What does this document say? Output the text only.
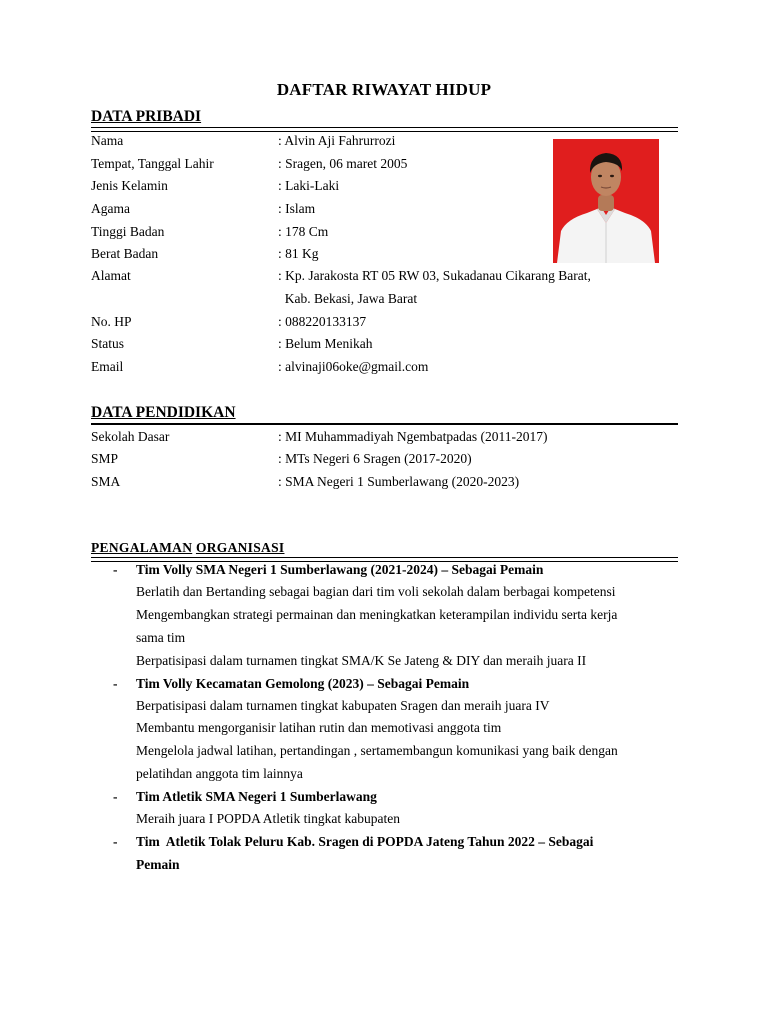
DAFTAR RIWAYAT HIDUP
DATA PRIBADI
Nama	: Alvin Aji Fahrurrozi
Tempat, Tanggal Lahir	: Sragen, 06 maret 2005
Jenis Kelamin	: Laki-Laki
Agama	: Islam
Tinggi Badan	: 178 Cm
Berat Badan	: 81 Kg
Alamat	: Kp. Jarakosta RT 05 RW 03, Sukadanau Cikarang Barat,
Kab. Bekasi, Jawa Barat
No. HP	: 088220133137
Status	: Belum Menikah
Email	: alvinaji06oke@gmail.com
DATA PENDIDIKAN
Sekolah Dasar	: MI Muhammadiyah Ngembatpadas (2011-2017)
SMP	: MTs Negeri 6 Sragen (2017-2020)
SMA	: SMA Negeri 1 Sumberlawang (2020-2023)
PENGALAMAN ORGANISASI
- Tim Volly SMA Negeri 1 Sumberlawang (2021-2024) – Sebagai Pemain
Berlatih dan Bertanding sebagai bagian dari tim voli sekolah dalam berbagai kompetensi
Mengembangkan strategi permainan dan meningkatkan keterampilan individu serta kerja
sama tim
Berpatisipasi dalam turnamen tingkat SMA/K Se Jateng & DIY dan meraih juara II
- Tim Volly Kecamatan Gemolong (2023) – Sebagai Pemain
Berpatisipasi dalam turnamen tingkat kabupaten Sragen dan meraih juara IV
Membantu mengorganisir latihan rutin dan memotivasi anggota tim
Mengelola jadwal latihan, pertandingan , sertamembangun komunikasi yang baik dengan
pelatihdan anggota tim lainnya
- Tim Atletik SMA Negeri 1 Sumberlawang
Meraih juara I POPDA Atletik tingkat kabupaten
- Tim  Atletik Tolak Peluru Kab. Sragen di POPDA Jateng Tahun 2022 – Sebagai
Pemain
